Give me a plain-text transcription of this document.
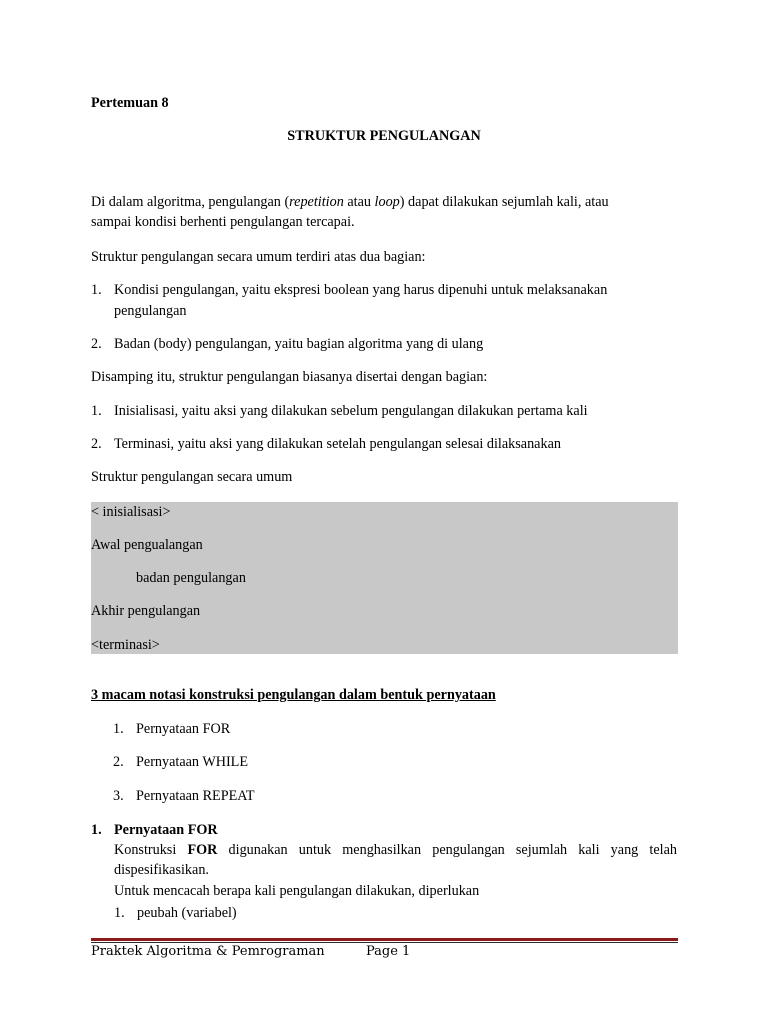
Pertemuan 8
STRUKTUR PENGULANGAN
Di dalam algoritma, pengulangan (repetition atau loop) dapat dilakukan sejumlah kali, atau
sampai kondisi berhenti pengulangan tercapai.
Struktur pengulangan secara umum terdiri atas dua bagian:
1. Kondisi pengulangan, yaitu ekspresi boolean yang harus dipenuhi untuk melaksanakan
pengulangan
2. Badan (body) pengulangan, yaitu bagian algoritma yang di ulang
Disamping itu, struktur pengulangan biasanya disertai dengan bagian:
1. Inisialisasi, yaitu aksi yang dilakukan sebelum pengulangan dilakukan pertama kali
2. Terminasi, yaitu aksi yang dilakukan setelah pengulangan selesai dilaksanakan
Struktur pengulangan secara umum
< inisialisasi>
Awal pengualangan
badan pengulangan
Akhir pengulangan
<terminasi>
3 macam notasi konstruksi pengulangan dalam bentuk pernyataan
1. Pernyataan FOR
2. Pernyataan WHILE
3. Pernyataan REPEAT
1. Pernyataan FOR
Konstruksi FOR digunakan untuk menghasilkan pengulangan sejumlah kali yang telah
dispesifikasikan.
Untuk mencacah berapa kali pengulangan dilakukan, diperlukan
1. peubah (variabel)
Praktek Algoritma & Pemrograman	Page 1
